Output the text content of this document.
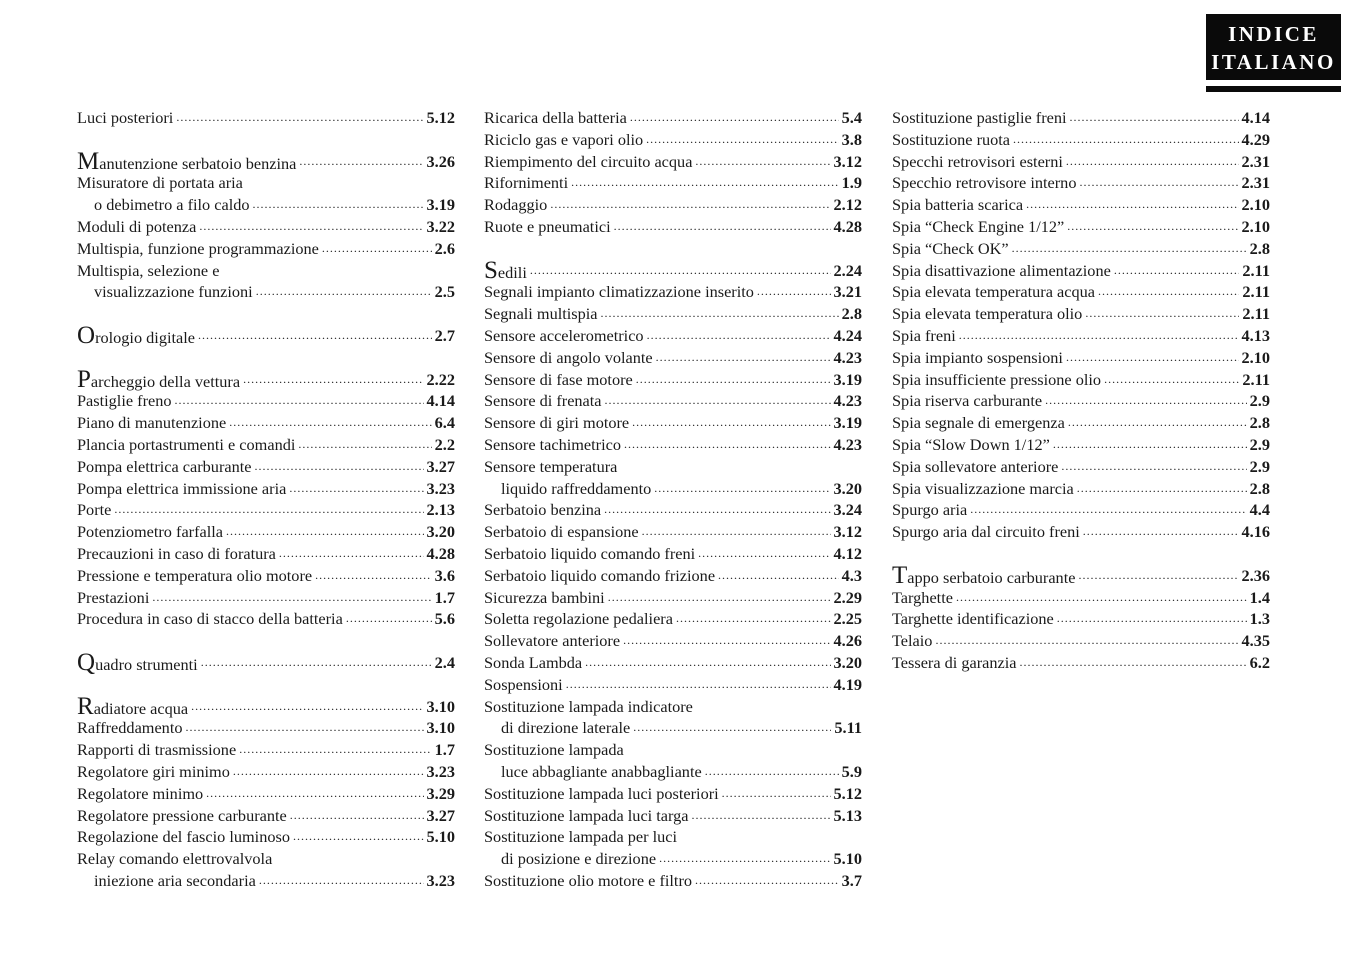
INDICE
ITALIANO
Luci posteriori .....	5.12
Manutenzione serbatoio benzina .....	3.26
Misuratore di portata aria
o debimetro a filo caldo .....	3.19
Moduli di potenza .....	3.22
Multispia, funzione programmazione .....	2.6
Multispia, selezione e
visualizzazione funzioni .....	2.5
Orologio digitale .....	2.7
Parcheggio della vettura .....	2.22
Pastiglie freno .....	4.14
Piano di manutenzione .....	6.4
Plancia portastrumenti e comandi .....	2.2
Pompa elettrica carburante .....	3.27
Pompa elettrica immissione aria .....	3.23
Porte .....	2.13
Potenziometro farfalla .....	3.20
Precauzioni in caso di foratura .....	4.28
Pressione e temperatura olio motore .....	3.6
Prestazioni .....	1.7
Procedura in caso di stacco della batteria .....	5.6
Quadro strumenti .....	2.4
Radiatore acqua .....	3.10
Raffreddamento .....	3.10
Rapporti di trasmissione .....	1.7
Regolatore giri minimo .....	3.23
Regolatore minimo .....	3.29
Regolatore pressione carburante .....	3.27
Regolazione del fascio luminoso .....	5.10
Relay comando elettrovalvola
iniezione aria secondaria .....	3.23
Ricarica della batteria .....	5.4
Riciclo gas e vapori olio .....	3.8
Riempimento del circuito acqua .....	3.12
Rifornimenti .....	1.9
Rodaggio .....	2.12
Ruote e pneumatici .....	4.28
Sedili .....	2.24
Segnali impianto climatizzazione inserito .....	3.21
Segnali multispia .....	2.8
Sensore accelerometrico .....	4.24
Sensore di angolo volante .....	4.23
Sensore di fase motore .....	3.19
Sensore di frenata .....	4.23
Sensore di giri motore .....	3.19
Sensore tachimetrico .....	4.23
Sensore temperatura
liquido raffreddamento .....	3.20
Serbatoio benzina .....	3.24
Serbatoio di espansione .....	3.12
Serbatoio liquido comando freni .....	4.12
Serbatoio liquido comando frizione .....	4.3
Sicurezza bambini .....	2.29
Soletta regolazione pedaliera .....	2.25
Sollevatore anteriore .....	4.26
Sonda Lambda .....	3.20
Sospensioni .....	4.19
Sostituzione lampada indicatore
di direzione laterale .....	5.11
Sostituzione lampada
luce abbagliante anabbagliante .....	5.9
Sostituzione lampada luci posteriori .....	5.12
Sostituzione lampada luci targa .....	5.13
Sostituzione lampada per luci
di posizione e direzione .....	5.10
Sostituzione olio motore e filtro .....	3.7
Sostituzione pastiglie freni .....	4.14
Sostituzione ruota .....	4.29
Specchi retrovisori esterni .....	2.31
Specchio retrovisore interno .....	2.31
Spia batteria scarica .....	2.10
Spia “Check Engine 1/12” .....	2.10
Spia “Check OK” .....	2.8
Spia disattivazione alimentazione .....	2.11
Spia elevata temperatura acqua .....	2.11
Spia elevata temperatura olio .....	2.11
Spia freni .....	4.13
Spia impianto sospensioni .....	2.10
Spia insufficiente pressione olio .....	2.11
Spia riserva carburante .....	2.9
Spia segnale di emergenza .....	2.8
Spia “Slow Down 1/12” .....	2.9
Spia sollevatore anteriore .....	2.9
Spia visualizzazione marcia .....	2.8
Spurgo aria .....	4.4
Spurgo aria dal circuito freni .....	4.16
Tappo serbatoio carburante .....	2.36
Targhette .....	1.4
Targhette identificazione .....	1.3
Telaio .....	4.35
Tessera di garanzia .....	6.2
